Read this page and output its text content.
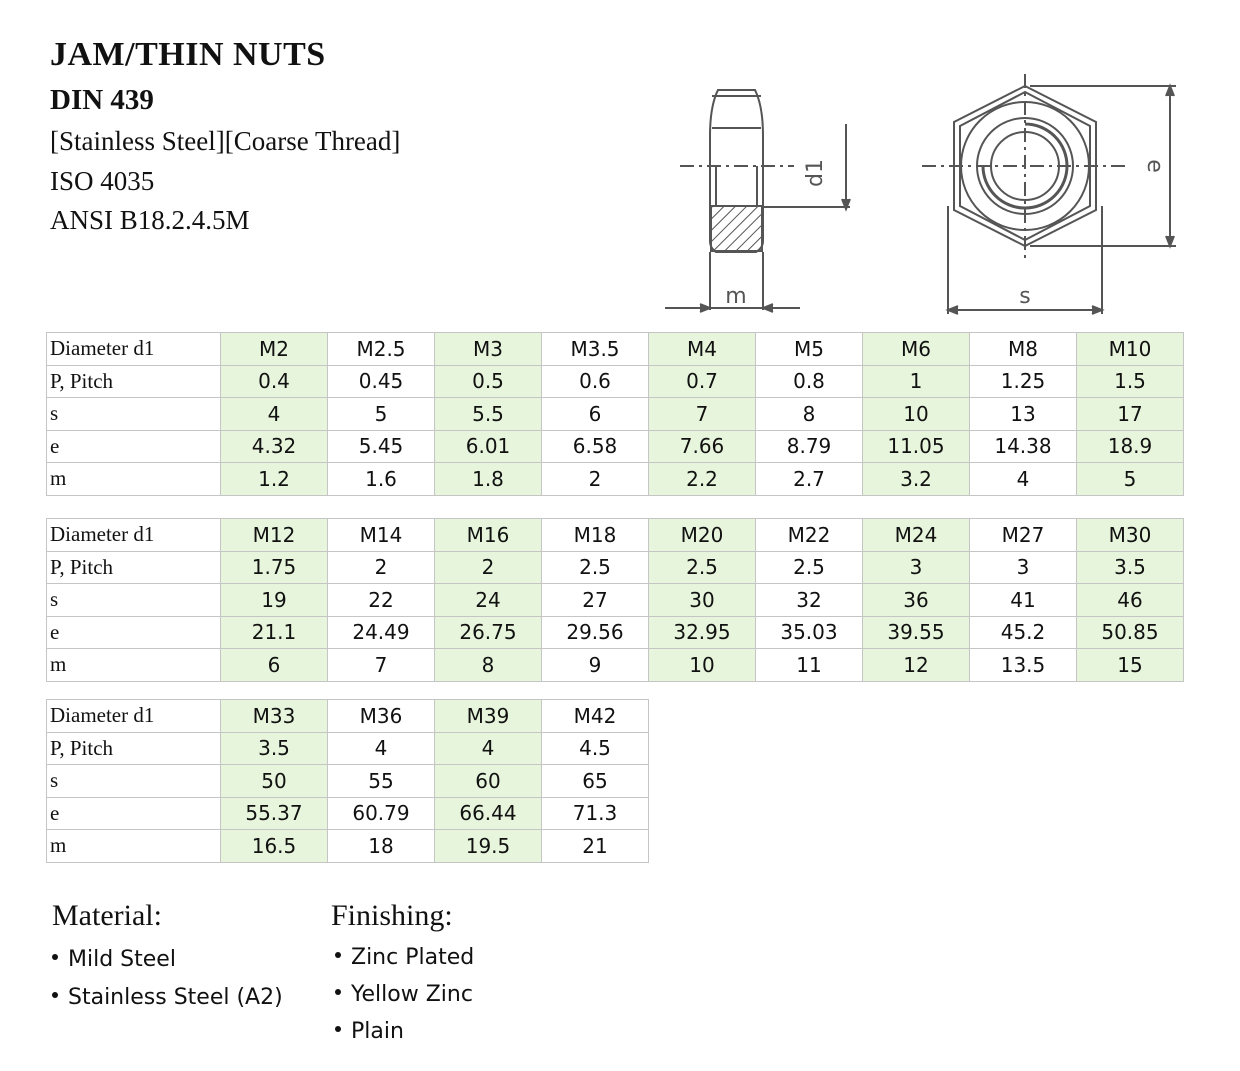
JAM/THIN NUTS
DIN 439
[Stainless Steel][Coarse Thread]
ISO 4035
ANSI B18.2.4.5M
d1
m	s
e
Diameter d1	M2	M2.5	M3	M3.5	M4	M5	M6	M8	M10
P, Pitch	0.4	0.45	0.5	0.6	0.7	0.8	1	1.25	1.5
s	4	5	5.5	6	7	8	10	13	17
e	4.32	5.45	6.01	6.58	7.66	8.79	11.05	14.38	18.9
m	1.2	1.6	1.8	2	2.2	2.7	3.2	4	5
Diameter d1	M12	M14	M16	M18	M20	M22	M24	M27	M30
P, Pitch	1.75	2	2	2.5	2.5	2.5	3	3	3.5
s	19	22	24	27	30	32	36	41	46
e	21.1	24.49	26.75	29.56	32.95	35.03	39.55	45.2	50.85
m	6	7	8	9	10	11	12	13.5	15
Diameter d1	M33	M36	M39	M42
P, Pitch	3.5	4	4	4.5
s	50	55	60	65
e	55.37	60.79	66.44	71.3
m	16.5	18	19.5	21
Material:
Mild Steel
Stainless Steel (A2)
Finishing:
Zinc Plated
Yellow Zinc
Plain
